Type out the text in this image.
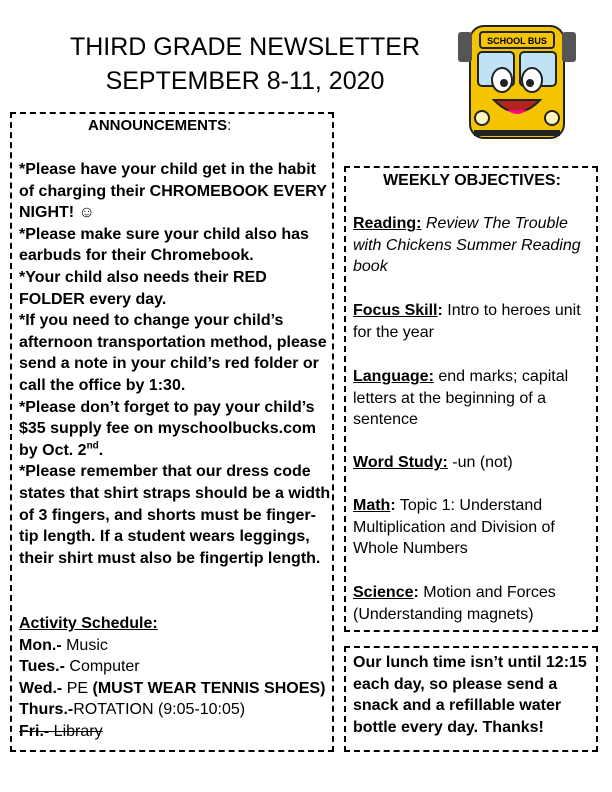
THIRD GRADE NEWSLETTER
SEPTEMBER 8-11, 2020
SCHOOL BUS
ANNOUNCEMENTS:

*Please have your child get in the habit of charging their CHROMEBOOK EVERY NIGHT! ☺

*Please make sure your child also has earbuds for their Chromebook.

*Your child also needs their RED FOLDER every day.

*If you need to change your child’s afternoon transportation method, please send a note in your child’s red folder or call the office by 1:30.

*Please don’t forget to pay your child’s $35 supply fee on myschoolbucks.com by Oct. 2nd.

*Please remember that our dress code states that shirt straps should be a width of 3 fingers, and shorts must be finger-tip length. If a student wears leggings, their shirt must also be fingertip length.

Activity Schedule:

Mon.- Music

Tues.- Computer

Wed.- PE (MUST WEAR TENNIS SHOES)

Thurs.-ROTATION (9:05-10:05)

Fri.- Library

WEEKLY OBJECTIVES:
Reading: Review The Trouble with Chickens Summer Reading book
Focus Skill: Intro to heroes unit for the year
Language: end marks; capital letters at the beginning of a sentence
Word Study: -un (not)
Math: Topic 1: Understand Multiplication and Division of Whole Numbers
Science: Motion and Forces (Understanding magnets)
Our lunch time isn’t until 12:15 each day, so please send a snack and a refillable water bottle every day. Thanks!
